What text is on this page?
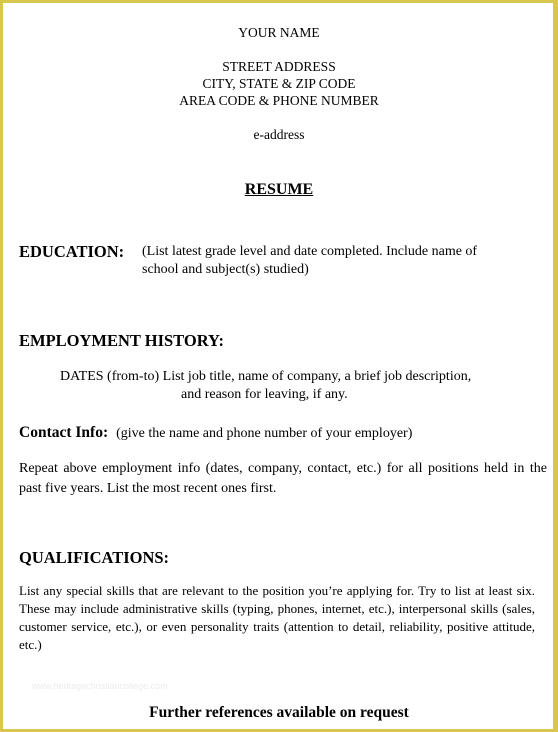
YOUR NAME
STREET ADDRESS
CITY, STATE & ZIP CODE
AREA CODE & PHONE NUMBER
e-address
RESUME
EDUCATION: (List latest grade level and date completed. Include name of
school and subject(s) studied)
EMPLOYMENT HISTORY:
DATES (from-to) List job title, name of company, a brief job description,
and reason for leaving, if any.
Contact Info: (give the name and phone number of your employer)
Repeat above employment info (dates, company, contact, etc.) for all positions held in the past five years. List the most recent ones first.
QUALIFICATIONS:
List any special skills that are relevant to the position you’re applying for. Try to list at least six. These may include administrative skills (typing, phones, internet, etc.), interpersonal skills (sales, customer service, etc.), or even personality traits (attention to detail, reliability, positive attitude, etc.)
www.heritagechristiancollege.com
Further references available on request
